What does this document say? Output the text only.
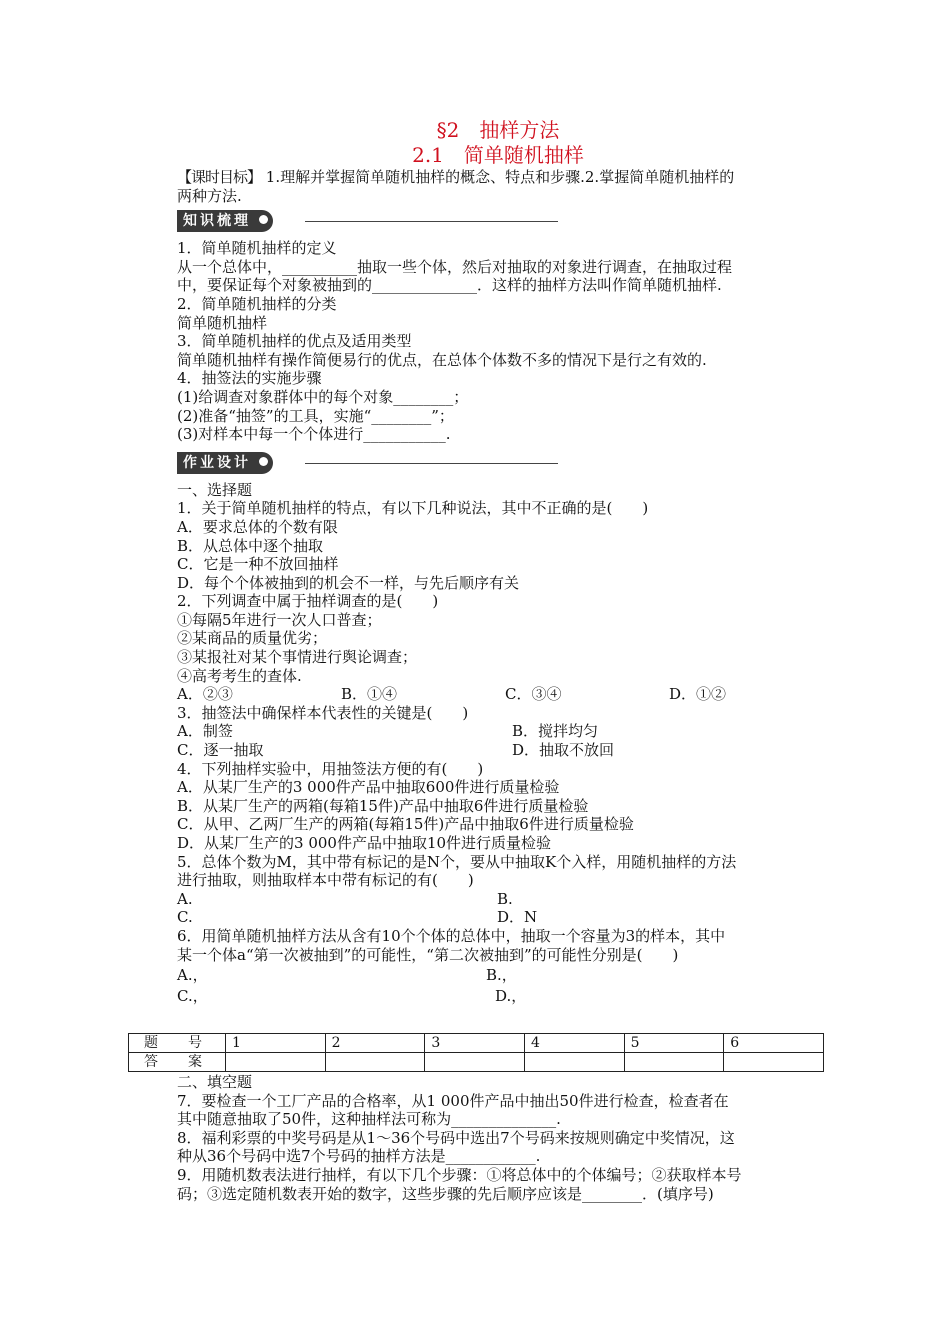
§2　抽样方法
2.1　简单随机抽样
【课时目标】 1.理解并掌握简单随机抽样的概念、特点和步骤.2.掌握简单随机抽样的
两种方法.
知识梳理
1．简单随机抽样的定义
从一个总体中，__________抽取一些个体，然后对抽取的对象进行调查，在抽取过程
中，要保证每个对象被抽到的______________．这样的抽样方法叫作简单随机抽样.
2．简单随机抽样的分类
简单随机抽样
3．简单随机抽样的优点及适用类型
简单随机抽样有操作简便易行的优点，在总体个体数不多的情况下是行之有效的.
4．抽签法的实施步骤
(1)给调查对象群体中的每个对象________；
(2)准备“抽签”的工具，实施“________”；
(3)对样本中每一个个体进行___________.
作业设计
一、选择题
1．关于简单随机抽样的特点，有以下几种说法，其中不正确的是(　　)
A．要求总体的个数有限
B．从总体中逐个抽取
C．它是一种不放回抽样
D．每个个体被抽到的机会不一样，与先后顺序有关
2．下列调查中属于抽样调查的是(　　)
①每隔5年进行一次人口普查；
②某商品的质量优劣；
③某报社对某个事情进行舆论调查；
④高考考生的查体.
A．②③	B．①④	C．③④	D．①②
3．抽签法中确保样本代表性的关键是(　　)
A．制签	B．搅拌均匀
C．逐一抽取	D．抽取不放回
4．下列抽样实验中，用抽签法方便的有(　　)
A．从某厂生产的3 000件产品中抽取600件进行质量检验
B．从某厂生产的两箱(每箱15件)产品中抽取6件进行质量检验
C．从甲、乙两厂生产的两箱(每箱15件)产品中抽取6件进行质量检验
D．从某厂生产的3 000件产品中抽取10件进行质量检验
5．总体个数为M，其中带有标记的是N个，要从中抽取K个入样，用随机抽样的方法
进行抽取，则抽取样本中带有标记的有(　　)
A.	B.
C.	D．N
6．用简单随机抽样方法从含有10个个体的总体中，抽取一个容量为3的样本，其中
某一个体a“第一次被抽到”的可能性，“第二次被抽到”的可能性分别是(　　)
A.，	B.，
C.，	D.，
题　号	1	2	3	4	5	6
答　案						
二、填空题
7．要检查一个工厂产品的合格率，从1 000件产品中抽出50件进行检查，检查者在
其中随意抽取了50件，这种抽样法可称为______________.
8．福利彩票的中奖号码是从1～36个号码中选出7个号码来按规则确定中奖情况，这
种从36个号码中选7个号码的抽样方法是____________.
9．用随机数表法进行抽样，有以下几个步骤：①将总体中的个体编号；②获取样本号
码；③选定随机数表开始的数字，这些步骤的先后顺序应该是________．(填序号)
